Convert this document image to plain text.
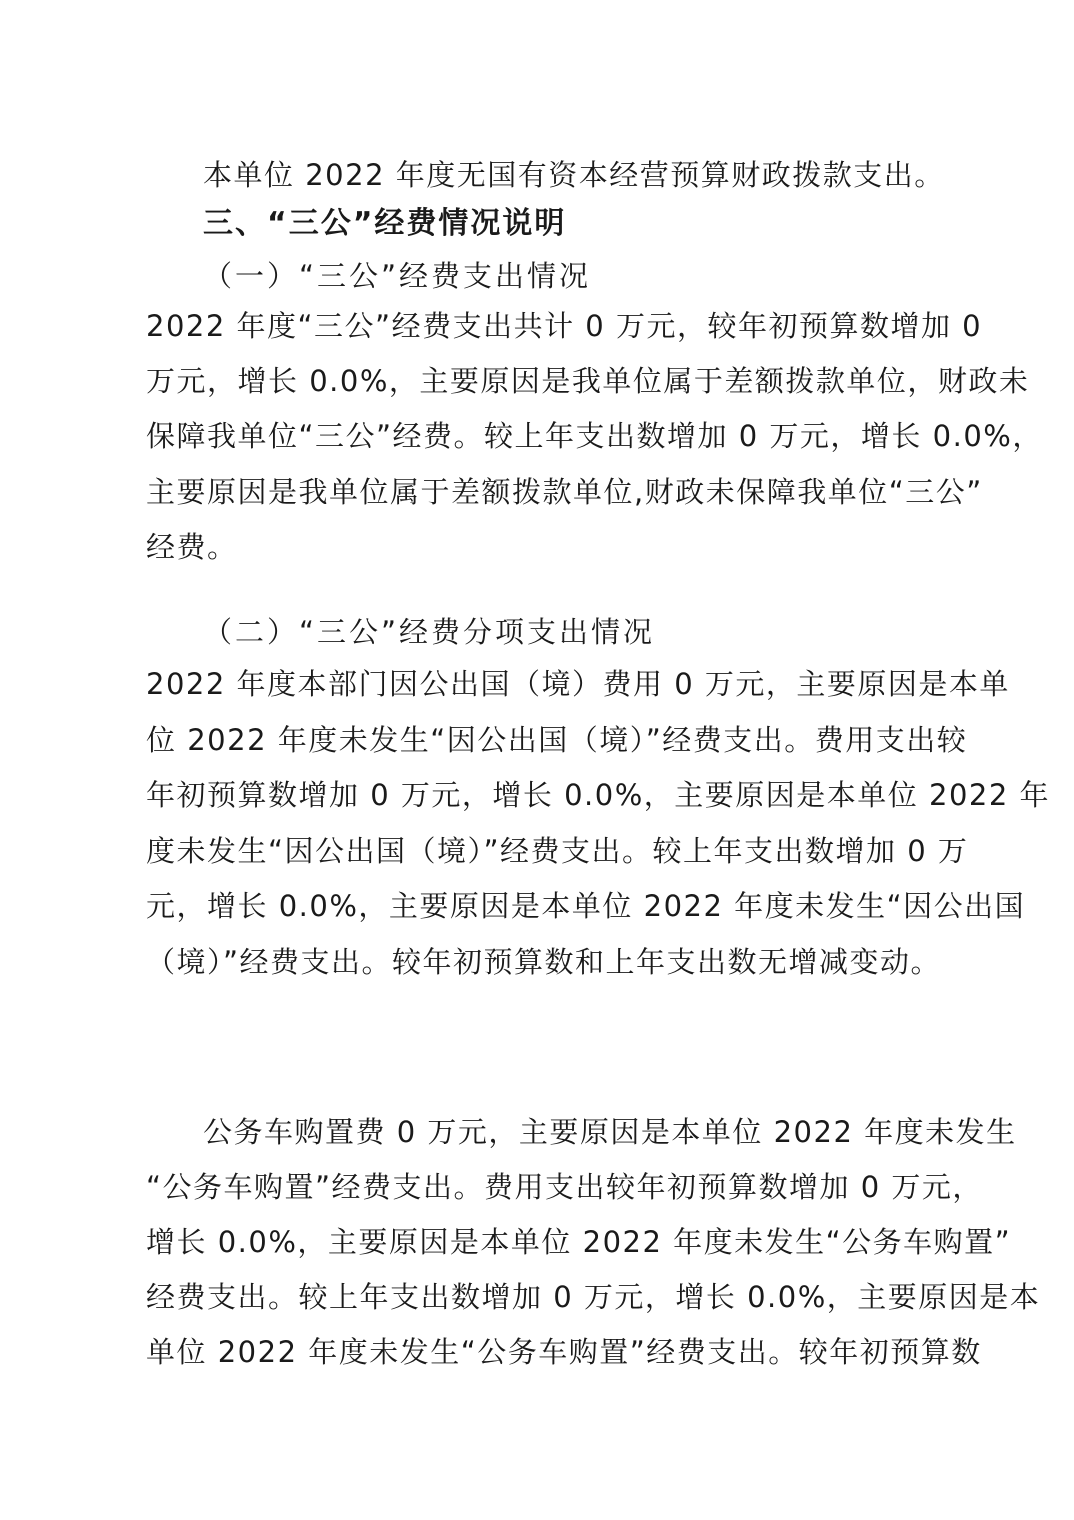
本单位 2022 年度无国有资本经营预算财政拨款支出。
三、“三公”经费情况说明
（一）“三公”经费支出情况
2022 年度“三公”经费支出共计 0 万元，较年初预算数增加 0
万元，增长 0.0%，主要原因是我单位属于差额拨款单位，财政未
保障我单位“三公”经费。较上年支出数增加 0 万元，增长 0.0%，
主要原因是我单位属于差额拨款单位,财政未保障我单位“三公”
经费。
（二）“三公”经费分项支出情况
2022 年度本部门因公出国（境）费用 0 万元，主要原因是本单
位 2022 年度未发生“因公出国（境）”经费支出。费用支出较
年初预算数增加 0 万元，增长 0.0%，主要原因是本单位 2022 年
度未发生“因公出国（境）”经费支出。较上年支出数增加 0 万
元，增长 0.0%，主要原因是本单位 2022 年度未发生“因公出国
（境）”经费支出。较年初预算数和上年支出数无增减变动。
公务车购置费 0 万元，主要原因是本单位 2022 年度未发生
“公务车购置”经费支出。费用支出较年初预算数增加 0 万元，
增长 0.0%，主要原因是本单位 2022 年度未发生“公务车购置”
经费支出。较上年支出数增加 0 万元，增长 0.0%，主要原因是本
单位 2022 年度未发生“公务车购置”经费支出。较年初预算数
